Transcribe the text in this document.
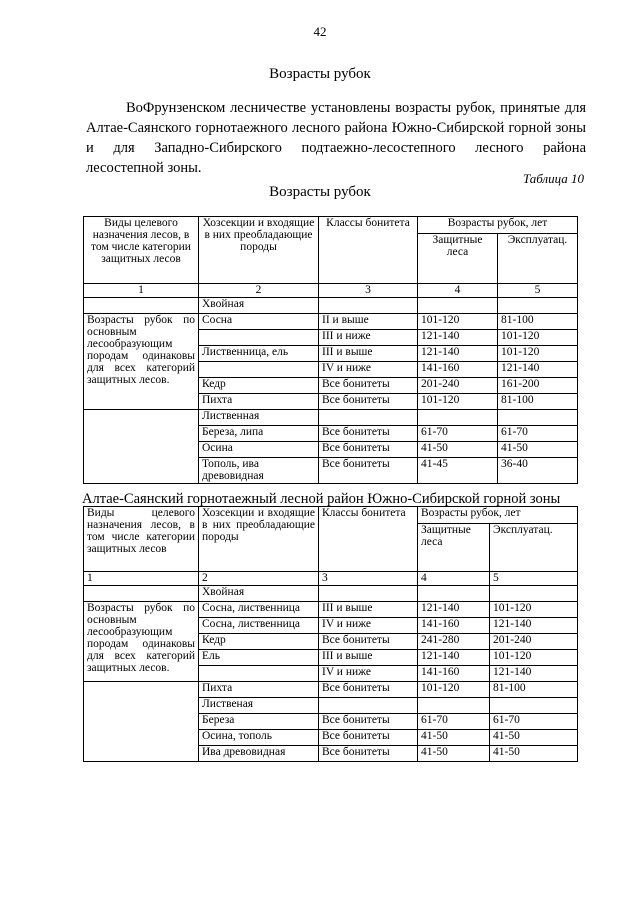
42
Возрасты рубок
ВоФрунзенском лесничестве установлены возрасты рубок, принятые для Алтае-Саянского горнотаежного лесного района Южно-Сибирской горной зоны и для Западно-Сибирского подтаежно-лесостепного лесного района лесостепной зоны.
Таблица 10
Возрасты рубок
Виды целевого назначения лесов, в том числе категории защитных лесов	Хозсекции и входящие в них преобладающие породы	Классы бонитета	Возрасты рубок, лет	
			Защитные леса	Эксплуатац.
1	2	3	4	5
	Хвойная			
Возрасты рубок по основным лесообразующим породам одинаковы для всех категорий защитных лесов.	Сосна	II и выше	101-120	81-100
		III и ниже	121-140	101-120
	Лиственница, ель	III и выше	121-140	101-120
		IV и ниже	141-160	121-140
	Кедр	Все бонитеты	201-240	161-200
	Пихта	Все бонитеты	101-120	81-100
	Лиственная			
	Береза, липа	Все бонитеты	61-70	61-70
	Осина	Все бонитеты	41-50	41-50
	Тополь, ива древовидная	Все бонитеты	41-45	36-40
Алтае-Саянский горнотаежный лесной район Южно-Сибирской горной зоны
Виды целевого назначения лесов, в том числе категории защитных лесов	Хозсекции и входящие в них преобладающие породы	Классы бонитета	Возрасты рубок, лет	
			Защитные леса	Эксплуатац.
1	2	3	4	5
	Хвойная			
Возрасты рубок по основным лесообразующим породам одинаковы для всех категорий защитных лесов.	Сосна, лиственница	III и выше	121-140	101-120
	Сосна, лиственница	IV и ниже	141-160	121-140
	Кедр	Все бонитеты	241-280	201-240
	Ель	III и выше	121-140	101-120
		IV и ниже	141-160	121-140
	Пихта	Все бонитеты	101-120	81-100
	Лиственая			
	Береза	Все бонитеты	61-70	61-70
	Осина, тополь	Все бонитеты	41-50	41-50
	Ива древовидная	Все бонитеты	41-50	41-50
